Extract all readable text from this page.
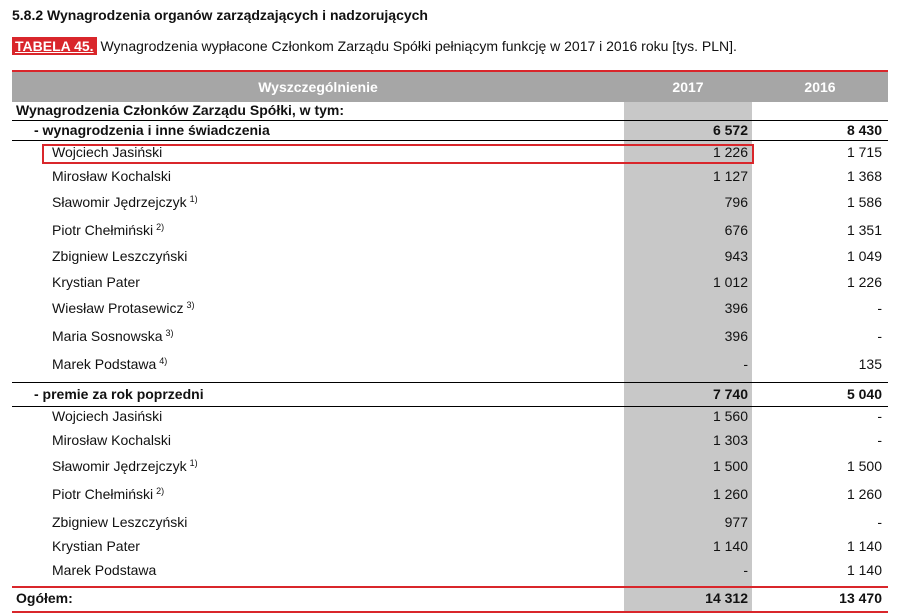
5.8.2 Wynagrodzenia organów zarządzających i nadzorujących
TABELA 45. Wynagrodzenia wypłacone Członkom Zarządu Spółki pełniącym funkcję w 2017 i 2016 roku [tys. PLN].
Wyszczególnienie	2017	2016
Wynagrodzenia Członków Zarządu Spółki, w tym:
- wynagrodzenia i inne świadczenia	6 572	8 430
Wojciech Jasiński	1 226	1 715
Mirosław Kochalski	1 127	1 368
Sławomir Jędrzejczyk $^{1)}$	796	1 586
Piotr Chełmiński $^{2)}$	676	1 351
Zbigniew Leszczyński	943	1 049
Krystian Pater	1 012	1 226
Wiesław Protasewicz $^{3)}$	396	-
Maria Sosnowska $^{3)}$	396	-
Marek Podstawa $^{4)}$	-	135
- premie za rok poprzedni	7 740	5 040
Wojciech Jasiński	1 560	-
Mirosław Kochalski	1 303	-
Sławomir Jędrzejczyk $^{1)}$	1 500	1 500
Piotr Chełmiński $^{2)}$	1 260	1 260
Zbigniew Leszczyński	977	-
Krystian Pater	1 140	1 140
Marek Podstawa	-	1 140
Ogółem:	14 312	13 470
